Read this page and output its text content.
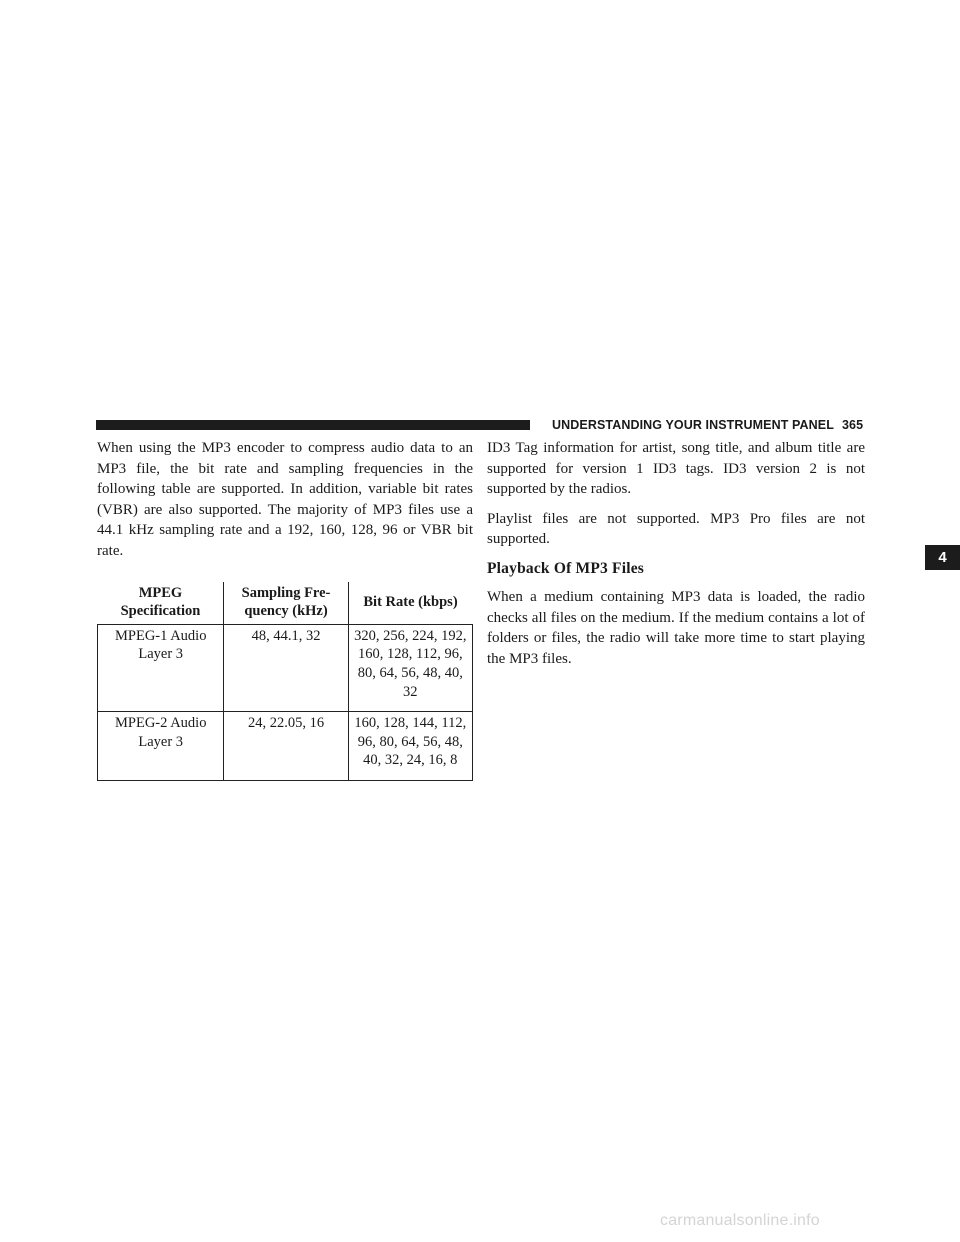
UNDERSTANDING YOUR INSTRUMENT PANEL 365

When using the MP3 encoder to compress audio data to an MP3 file, the bit rate and sampling frequencies in the following table are supported. In addition, variable bit rates (VBR) are also supported. The majority of MP3 files use a 44.1 kHz sampling rate and a 192, 160, 128, 96 or VBR bit rate.

MPEG Specification	Sampling Fre- quency (kHz)	Bit Rate (kbps)
MPEG-1 Audio Layer 3	48, 44.1, 32	320, 256, 224, 192, 160, 128, 112, 96, 80, 64, 56, 48, 40, 32
MPEG-2 Audio Layer 3	24, 22.05, 16	160, 128, 144, 112, 96, 80, 64, 56, 48, 40, 32, 24, 16, 8

ID3 Tag information for artist, song title, and album title are supported for version 1 ID3 tags. ID3 version 2 is not supported by the radios.

Playlist files are not supported. MP3 Pro files are not supported.

Playback Of MP3 Files

When a medium containing MP3 data is loaded, the radio checks all files on the medium. If the medium contains a lot of folders or files, the radio will take more time to start playing the MP3 files.

4
carmanualsonline.info
